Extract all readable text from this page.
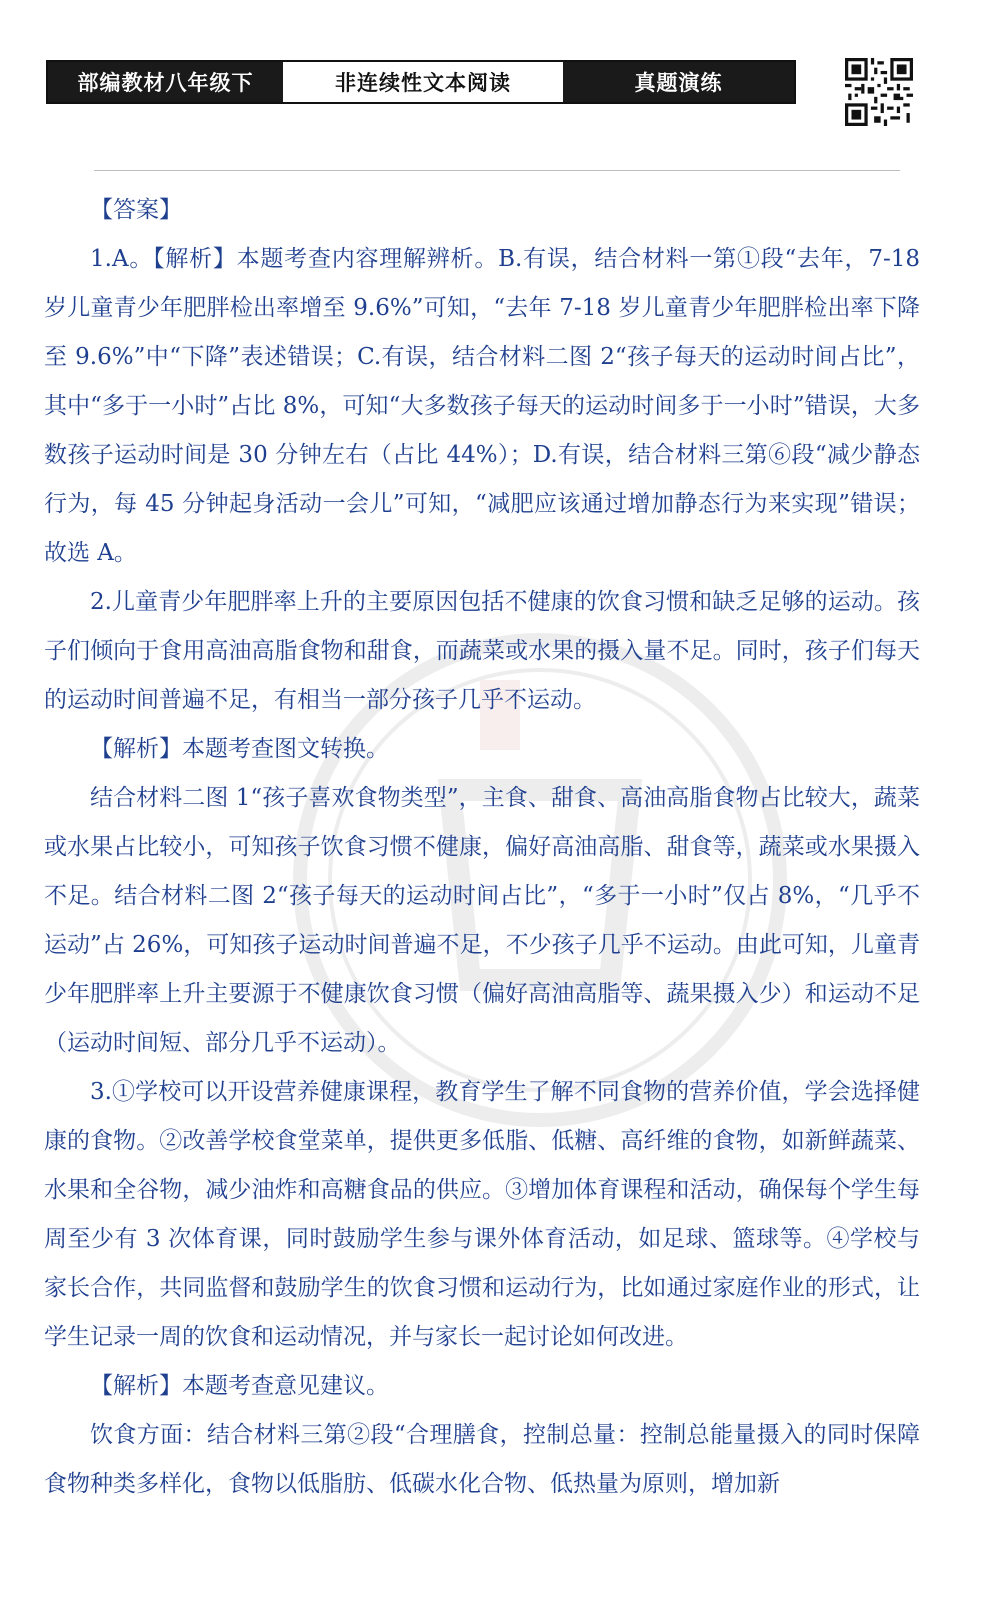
部编教材八年级下	非连续性文本阅读	真题演练

【答案】

1.A。【解析】本题考查内容理解辨析。B.有误，结合材料一第①段“去年，7-18 岁儿童青少年肥胖检出率增至 9.6%”可知，“去年 7-18 岁儿童青少年肥胖检出率下降至 9.6%”中“下降”表述错误；C.有误，结合材料二图 2“孩子每天的运动时间占比”，其中“多于一小时”占比 8%，可知“大多数孩子每天的运动时间多于一小时”错误，大多数孩子运动时间是 30 分钟左右（占比 44%）；D.有误，结合材料三第⑥段“减少静态行为，每 45 分钟起身活动一会儿”可知，“减肥应该通过增加静态行为来实现”错误；故选 A。

2.儿童青少年肥胖率上升的主要原因包括不健康的饮食习惯和缺乏足够的运动。孩子们倾向于食用高油高脂食物和甜食，而蔬菜或水果的摄入量不足。同时，孩子们每天的运动时间普遍不足，有相当一部分孩子几乎不运动。

【解析】本题考查图文转换。

结合材料二图 1“孩子喜欢食物类型”，主食、甜食、高油高脂食物占比较大，蔬菜或水果占比较小，可知孩子饮食习惯不健康，偏好高油高脂、甜食等，蔬菜或水果摄入不足。结合材料二图 2“孩子每天的运动时间占比”，“多于一小时”仅占 8%，“几乎不运动”占 26%，可知孩子运动时间普遍不足，不少孩子几乎不运动。由此可知，儿童青少年肥胖率上升主要源于不健康饮食习惯（偏好高油高脂等、蔬果摄入少）和运动不足（运动时间短、部分几乎不运动）。

3.①学校可以开设营养健康课程，教育学生了解不同食物的营养价值，学会选择健康的食物。②改善学校食堂菜单，提供更多低脂、低糖、高纤维的食物，如新鲜蔬菜、水果和全谷物，减少油炸和高糖食品的供应。③增加体育课程和活动，确保每个学生每周至少有 3 次体育课，同时鼓励学生参与课外体育活动，如足球、篮球等。④学校与家长合作，共同监督和鼓励学生的饮食习惯和运动行为，比如通过家庭作业的形式，让学生记录一周的饮食和运动情况，并与家长一起讨论如何改进。

【解析】本题考查意见建议。

饮食方面：结合材料三第②段“合理膳食，控制总量：控制总能量摄入的同时保障食物种类多样化，食物以低脂肪、低碳水化合物、低热量为原则，增加新
